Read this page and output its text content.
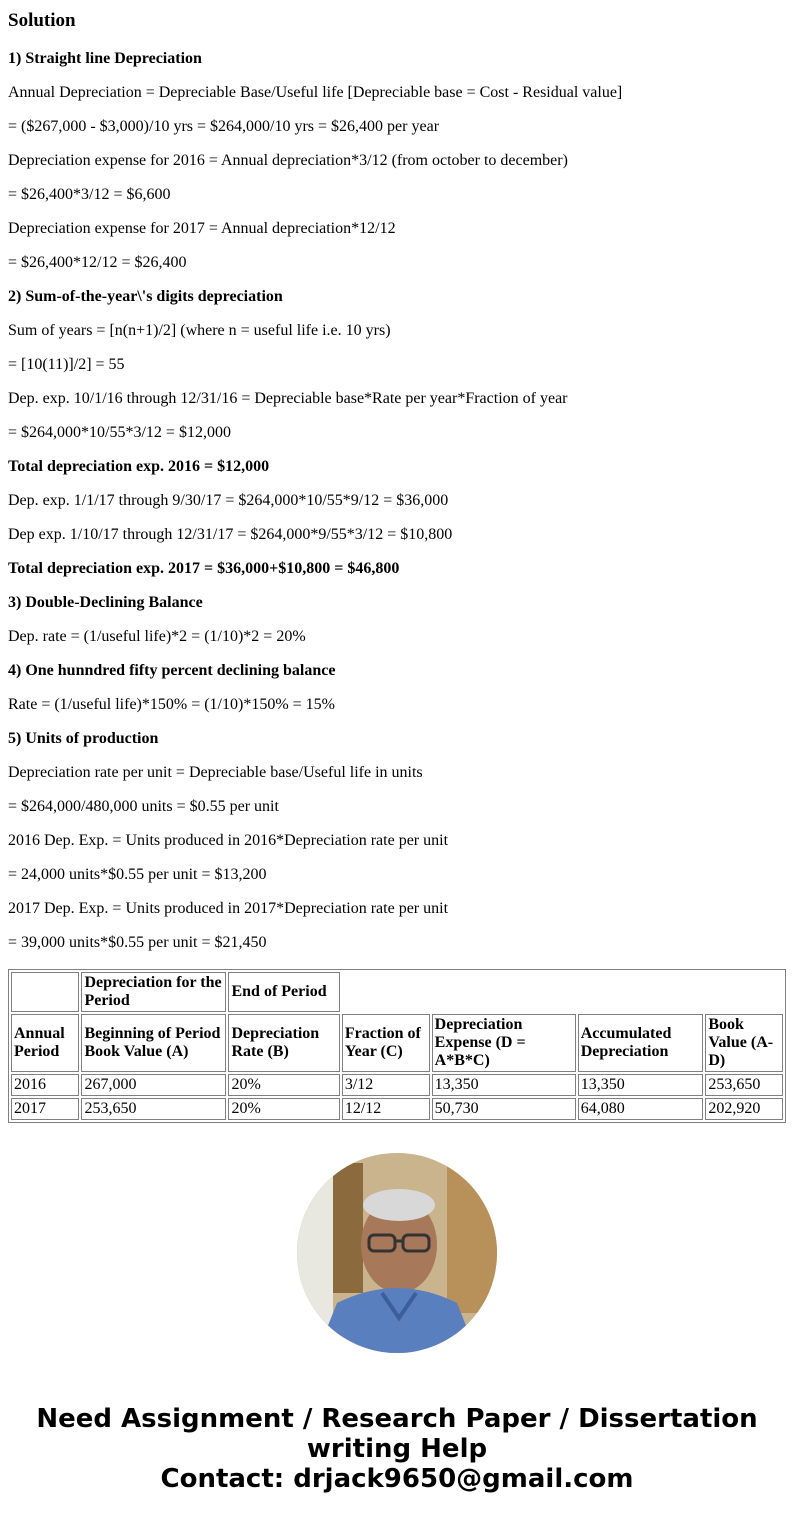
Solution
1) Straight line Depreciation
Annual Depreciation = Depreciable Base/Useful life [Depreciable base = Cost - Residual value]
= ($267,000 - $3,000)/10 yrs = $264,000/10 yrs = $26,400 per year
Depreciation expense for 2016 = Annual depreciation*3/12 (from october to december)
= $26,400*3/12 = $6,600
Depreciation expense for 2017 = Annual depreciation*12/12
= $26,400*12/12 = $26,400
2) Sum-of-the-year\'s digits depreciation
Sum of years = [n(n+1)/2] (where n = useful life i.e. 10 yrs)
= [10(11)]/2] = 55
Dep. exp. 10/1/16 through 12/31/16 = Depreciable base*Rate per year*Fraction of year
= $264,000*10/55*3/12 = $12,000
Total depreciation exp. 2016 = $12,000
Dep. exp. 1/1/17 through 9/30/17 = $264,000*10/55*9/12 = $36,000
Dep exp. 1/10/17 through 12/31/17 = $264,000*9/55*3/12 = $10,800
Total depreciation exp. 2017 = $36,000+$10,800 = $46,800
3) Double-Declining Balance
Dep. rate = (1/useful life)*2 = (1/10)*2 = 20%
4) One hunndred fifty percent declining balance
Rate = (1/useful life)*150% = (1/10)*150% = 15%
5) Units of production
Depreciation rate per unit = Depreciable base/Useful life in units
= $264,000/480,000 units = $0.55 per unit
2016 Dep. Exp. = Units produced in 2016*Depreciation rate per unit
= 24,000 units*$0.55 per unit = $13,200
2017 Dep. Exp. = Units produced in 2017*Depreciation rate per unit
= 39,000 units*$0.55 per unit = $21,450
	Depreciation for the Period	End of Period				
Annual Period	Beginning of Period Book Value (A)	Depreciation Rate (B)	Fraction of Year (C)	Depreciation Expense (D = A*B*C)	Accumulated Depreciation	Book Value (A-D)
2016	267,000	20%	3/12	13,350	13,350	253,650
2017	253,650	20%	12/12	50,730	64,080	202,920
Need Assignment / Research Paper / Dissertation writing Help
Contact: drjack9650@gmail.com
